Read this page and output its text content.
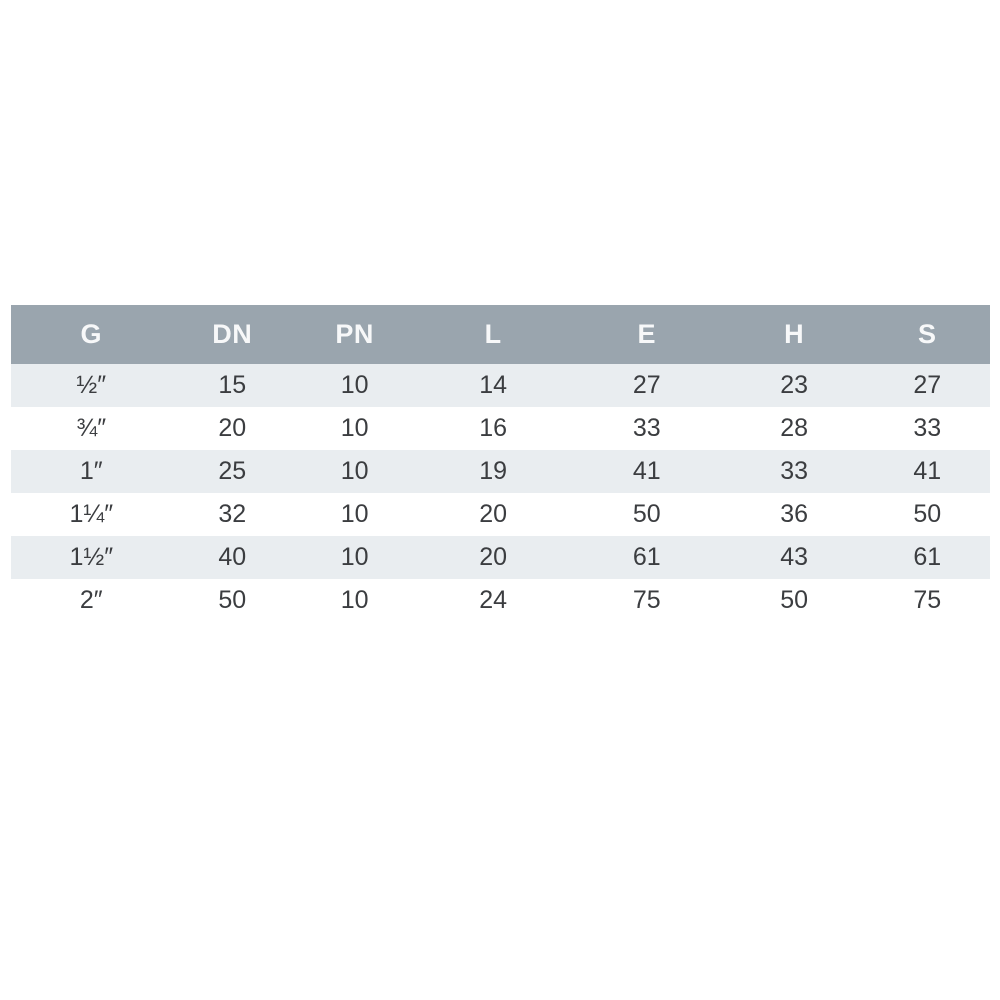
G	DN	PN	L	E	H	S
½″	15	10	14	27	23	27
¾″	20	10	16	33	28	33
1″	25	10	19	41	33	41
1¼″	32	10	20	50	36	50
1½″	40	10	20	61	43	61
2″	50	10	24	75	50	75
